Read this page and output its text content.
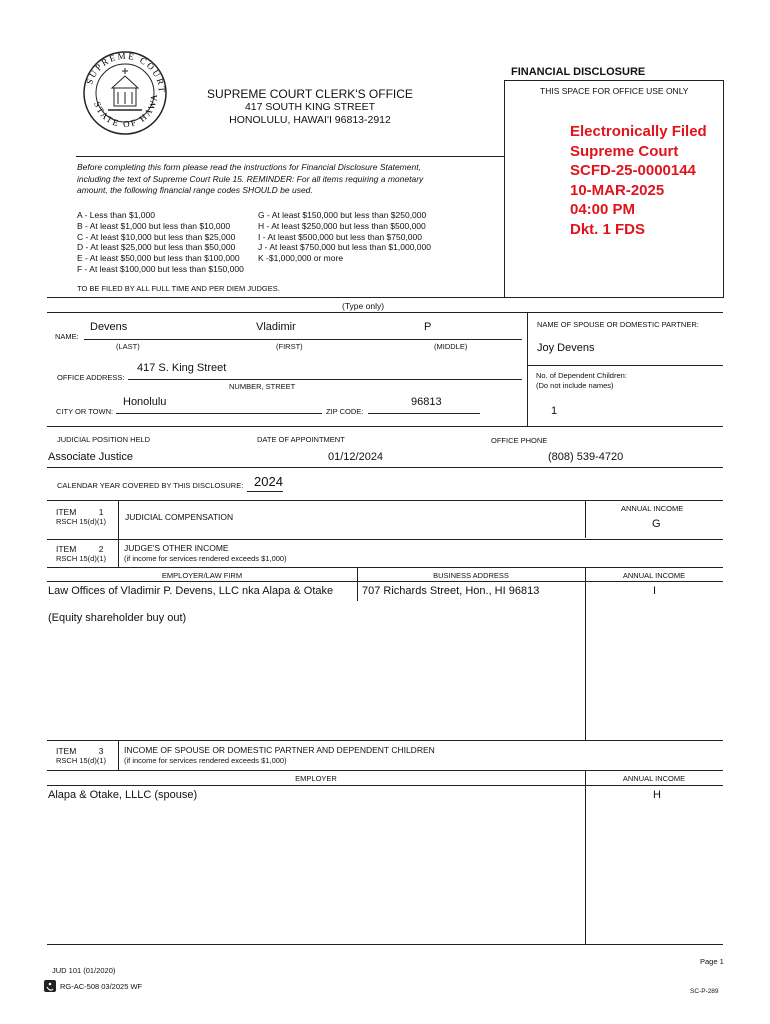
FINANCIAL DISCLOSURE
SUPREME COURT
STATE OF HAWA	SUPREME COURT CLERK'S OFFICE
417 SOUTH KING STREET
HONOLULU, HAWAI'I 96813-2912
THIS SPACE FOR OFFICE USE ONLY
Electronically Filed
Supreme Court
SCFD-25-0000144
10-MAR-2025
04:00 PM
Dkt. 1 FDS
Before completing this form please read the instructions for Financial Disclosure Statement,
including the text of Supreme Court Rule 15. REMINDER: For all items requiring a monetary
amount, the following financial range codes SHOULD be used.
A - Less than $1,000
B - At least $1,000 but less than $10,000
C - At least $10,000 but less than $25,000
D - At least $25,000 but less than $50,000
E - At least $50,000 but less than $100,000
F - At least $100,000 but less than $150,000
G - At least $150,000 but less than $250,000
H - At least $250,000 but less than $500,000
I - At least $500,000 but less than $750,000
J - At least $750,000 but less than $1,000,000
K -$1,000,000 or more
TO BE FILED BY ALL FULL TIME AND PER DIEM JUDGES.
(Type only)
NAME:
Devens	Vladimir	P
(LAST)	(FIRST)	(MIDDLE)
OFFICE ADDRESS:
417 S. King Street
NUMBER, STREET
CITY OR TOWN:
Honolulu
ZIP CODE:
96813
NAME OF SPOUSE OR DOMESTIC PARTNER:
Joy Devens
No. of Dependent Children:
(Do not include names)
1
JUDICIAL POSITION HELD	DATE OF APPOINTMENT	OFFICE PHONE
Associate Justice	01/12/2024	(808) 539-4720
CALENDAR YEAR COVERED BY THIS DISCLOSURE: 2024
ITEM	1
RSCH 15(d)(1) JUDICIAL COMPENSATION
ANNUAL INCOME
G
ITEM	2
RSCH 15(d)(1)
JUDGE'S OTHER INCOME
(if income for services rendered exceeds $1,000)
EMPLOYER/LAW FIRM	BUSINESS ADDRESS	ANNUAL INCOME
Law Offices of Vladimir P. Devens, LLC nka Alapa & Otake	707 Richards Street, Hon., HI 96813	I
(Equity shareholder buy out)
ITEM	3
RSCH 15(d)(1)
INCOME OF SPOUSE OR DOMESTIC PARTNER AND DEPENDENT CHILDREN
(if income for services rendered exceeds $1,000)
EMPLOYER	ANNUAL INCOME
Alapa & Otake, LLLC (spouse)	H
JUD 101 (01/2020)
RG-AC-508 03/2025 WF
Page 1
SC-P-289
